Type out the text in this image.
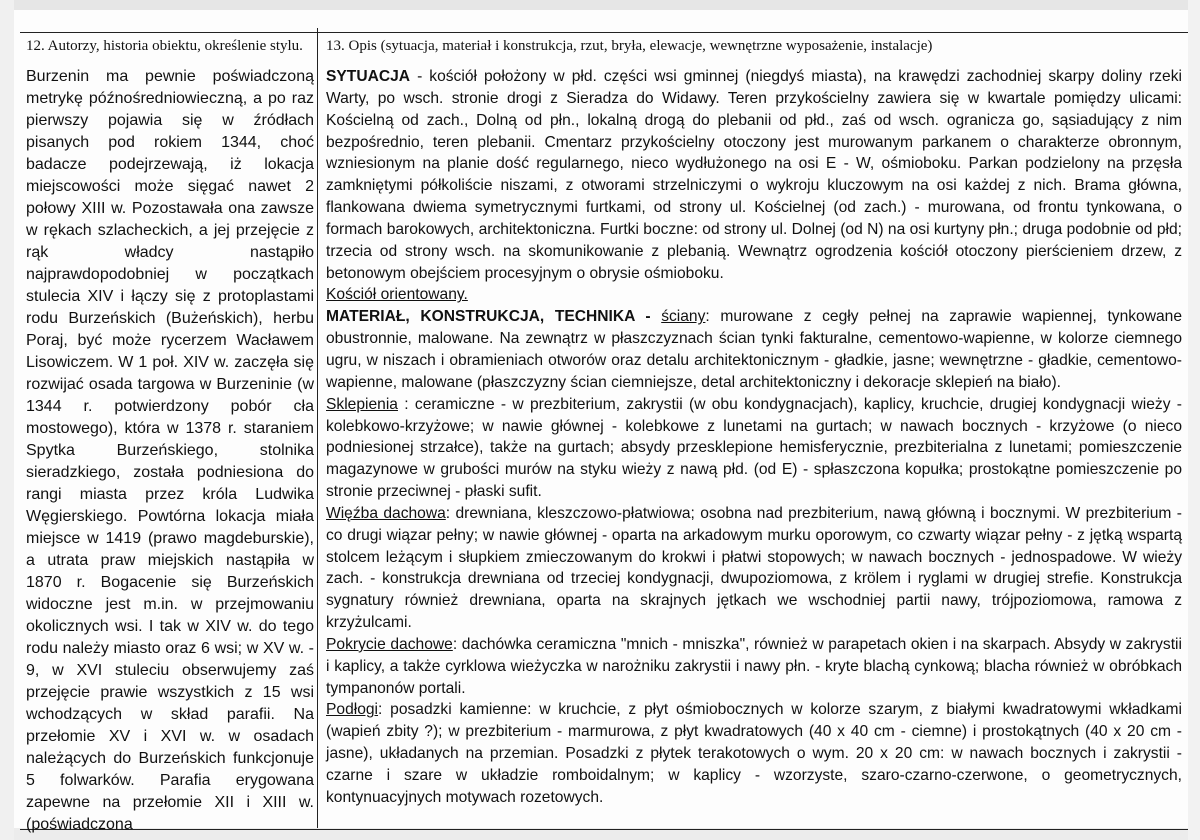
12. Autorzy, historia obiektu, określenie stylu. 13. Opis (sytuacja, materiał i konstrukcja, rzut, bryła, elewacje, wewnętrzne wyposażenie, instalacje)
Burzenin ma pewnie poświadczoną metrykę późnośredniowieczną, a po raz pierwszy pojawia się w źródłach pisanych pod rokiem 1344, choć badacze podejrzewają, iż lokacja miejscowości może sięgać nawet 2 połowy XIII w. Pozostawała ona zawsze w rękach szlacheckich, a jej przejęcie z rąk władcy nastąpiło najprawdopodobniej w początkach stulecia XIV i łączy się z protoplastami rodu Burzeńskich (Bużeńskich), herbu Poraj, być może rycerzem Wacławem Lisowiczem. W 1 poł. XIV w. zaczęła się rozwijać osada targowa w Burzeninie (w 1344 r. potwierdzony pobór cła mostowego), która w 1378 r. staraniem Spytka Burzeńskiego, stolnika sieradzkiego, została podniesiona do rangi miasta przez króla Ludwika Węgierskiego. Powtórna lokacja miała miejsce w 1419 (prawo magdeburskie), a utrata praw miejskich nastąpiła w 1870 r. Bogacenie się Burzeńskich widoczne jest m.in. w przejmowaniu okolicznych wsi. I tak w XIV w. do tego rodu należy miasto oraz 6 wsi; w XV w. - 9, w XVI stuleciu obserwujemy zaś przejęcie prawie wszystkich z 15 wsi wchodzących w skład parafii. Na przełomie XV i XVI w. w osadach należących do Burzeńskich funkcjonuje 5 folwarków. Parafia erygowana zapewne na przełomie XII i XIII w. (poświadczona

SYTUACJA - kościół położony w płd. części wsi gminnej (niegdyś miasta), na krawędzi zachodniej skarpy doliny rzeki Warty, po wsch. stronie drogi z Sieradza do Widawy. Teren przykościelny zawiera się w kwartale pomiędzy ulicami: Kościelną od zach., Dolną od płn., lokalną drogą do plebanii od płd., zaś od wsch. ogranicza go, sąsiadujący z nim bezpośrednio, teren plebanii. Cmentarz przykościelny otoczony jest murowanym parkanem o charakterze obronnym, wzniesionym na planie dość regularnego, nieco wydłużonego na osi E - W, ośmioboku. Parkan podzielony na przęsła zamkniętymi półkoliście niszami, z otworami strzelniczymi o wykroju kluczowym na osi każdej z nich. Brama główna, flankowana dwiema symetrycznymi furtkami, od strony ul. Kościelnej (od zach.) - murowana, od frontu tynkowana, o formach barokowych, architektoniczna. Furtki boczne: od strony ul. Dolnej (od N) na osi kurtyny płn.; druga podobnie od płd; trzecia od strony wsch. na skomunikowanie z plebanią. Wewnątrz ogrodzenia kościół otoczony pierścieniem drzew, z betonowym obejściem procesyjnym o obrysie ośmioboku.

Kościół orientowany.

MATERIAŁ, KONSTRUKCJA, TECHNIKA - ściany: murowane z cegły pełnej na zaprawie wapiennej, tynkowane obustronnie, malowane. Na zewnątrz w płaszczyznach ścian tynki fakturalne, cementowo-wapienne, w kolorze ciemnego ugru, w niszach i obramieniach otworów oraz detalu architektonicznym - gładkie, jasne; wewnętrzne - gładkie, cementowo- wapienne, malowane (płaszczyzny ścian ciemniejsze, detal architektoniczny i dekoracje sklepień na biało).

Sklepienia : ceramiczne - w prezbiterium, zakrystii (w obu kondygnacjach), kaplicy, kruchcie, drugiej kondygnacji wieży - kolebkowo-krzyżowe; w nawie głównej - kolebkowe z lunetami na gurtach; w nawach bocznych - krzyżowe (o nieco podniesionej strzałce), także na gurtach; absydy przesklepione hemisferycznie, prezbiterialna z lunetami; pomieszczenie magazynowe w grubości murów na styku wieży z nawą płd. (od E) - spłaszczona kopułka; prostokątne pomieszczenie po stronie przeciwnej - płaski sufit.

Więźba dachowa: drewniana, kleszczowo-płatwiowa; osobna nad prezbiterium, nawą główną i bocznymi. W prezbiterium - co drugi wiązar pełny; w nawie głównej - oparta na arkadowym murku oporowym, co czwarty wiązar pełny - z jętką wspartą stolcem leżącym i słupkiem zmieczowanym do krokwi i płatwi stopowych; w nawach bocznych - jednospadowe. W wieży zach. - konstrukcja drewniana od trzeciej kondygnacji, dwupoziomowa, z krölem i ryglami w drugiej strefie. Konstrukcja sygnatury również drewniana, oparta na skrajnych jętkach we wschodniej partii nawy, trójpoziomowa, ramowa z krzyżulcami.

Pokrycie dachowe: dachówka ceramiczna "mnich - mniszka", również w parapetach okien i na skarpach. Absydy w zakrystii i kaplicy, a także cyrklowa wieżyczka w narożniku zakrystii i nawy płn. - kryte blachą cynkową; blacha również w obróbkach tympanonów portali.

Podłogi: posadzki kamienne: w kruchcie, z płyt ośmiobocznych w kolorze szarym, z białymi kwadratowymi wkładkami (wapień zbity ?); w prezbiterium - marmurowa, z płyt kwadratowych (40 x 40 cm - ciemne) i prostokątnych (40 x 20 cm - jasne), układanych na przemian. Posadzki z płytek terakotowych o wym. 20 x 20 cm: w nawach bocznych i zakrystii - czarne i szare w układzie romboidalnym; w kaplicy - wzorzyste, szaro-czarno-czerwone, o geometrycznych, kontynuacyjnych motywach rozetowych.
